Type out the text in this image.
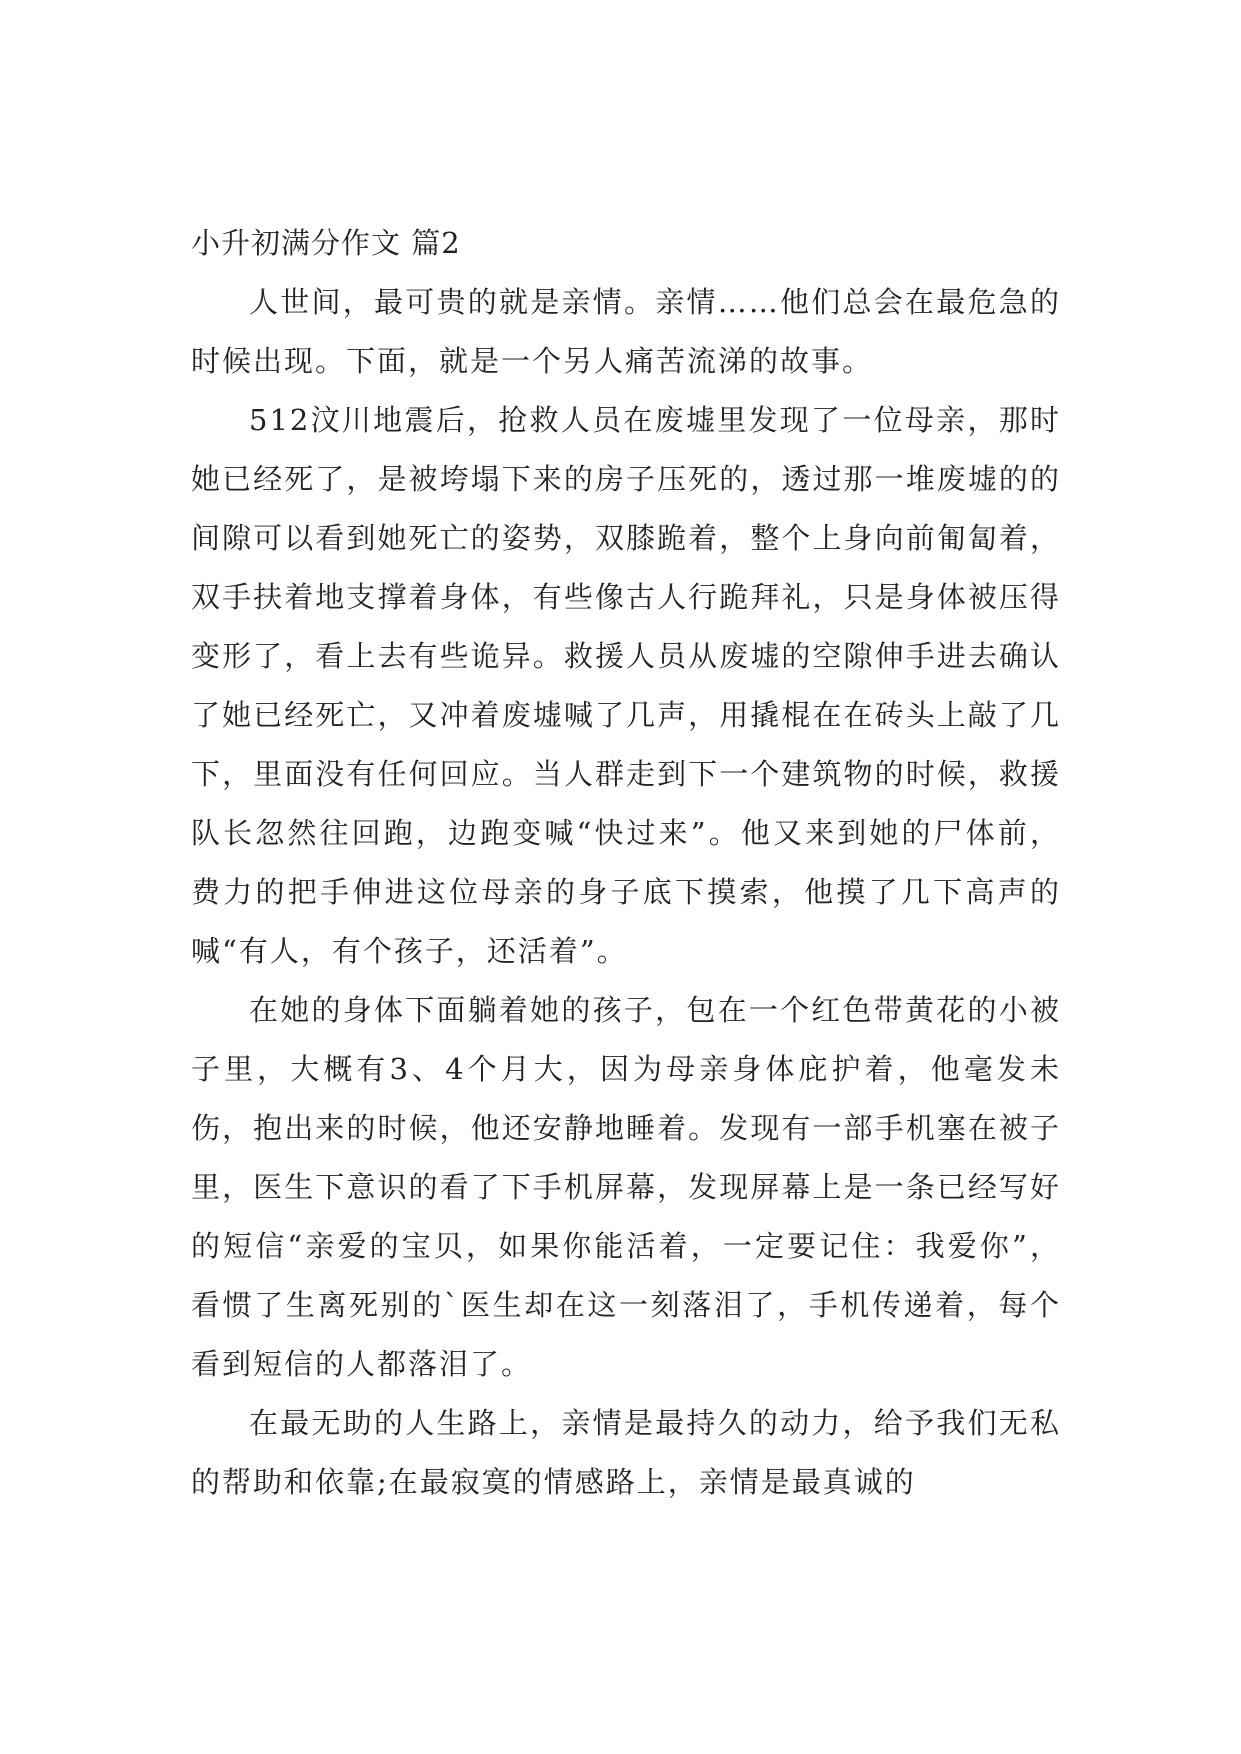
小升初满分作文 篇2

人世间，最可贵的就是亲情。亲情……他们总会在最危急的时候出现。下面，就是一个另人痛苦流涕的故事。

512汶川地震后，抢救人员在废墟里发现了一位母亲，那时她已经死了，是被垮塌下来的房子压死的，透过那一堆废墟的的间隙可以看到她死亡的姿势，双膝跪着，整个上身向前匍匐着，双手扶着地支撑着身体，有些像古人行跪拜礼，只是身体被压得变形了，看上去有些诡异。救援人员从废墟的空隙伸手进去确认了她已经死亡，又冲着废墟喊了几声，用撬棍在在砖头上敲了几下，里面没有任何回应。当人群走到下一个建筑物的时候，救援队长忽然往回跑，边跑变喊“快过来”。他又来到她的尸体前，费力的把手伸进这位母亲的身子底下摸索，他摸了几下高声的喊“有人，有个孩子，还活着”。

在她的身体下面躺着她的孩子，包在一个红色带黄花的小被子里，大概有3、4个月大，因为母亲身体庇护着，他毫发未伤，抱出来的时候，他还安静地睡着。发现有一部手机塞在被子里，医生下意识的看了下手机屏幕，发现屏幕上是一条已经写好的短信“亲爱的宝贝，如果你能活着，一定要记住：我爱你”，看惯了生离死别的`医生却在这一刻落泪了，手机传递着，每个看到短信的人都落泪了。

在最无助的人生路上，亲情是最持久的动力，给予我们无私的帮助和依靠;在最寂寞的情感路上，亲情是最真诚的
